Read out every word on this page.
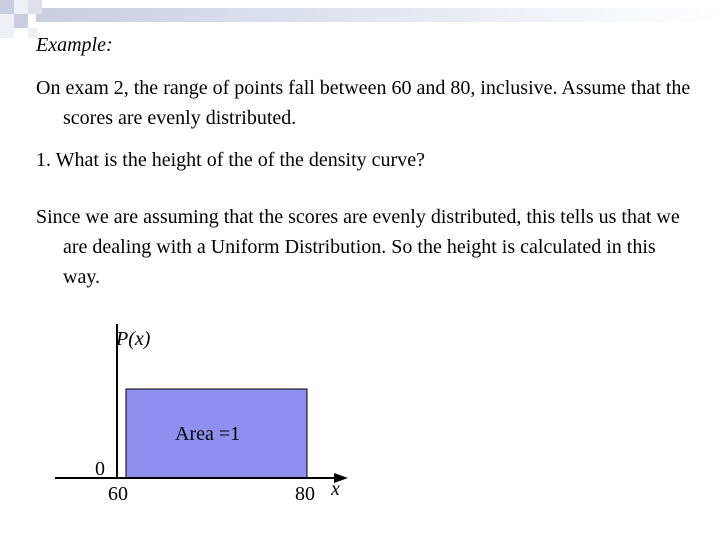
Example:
On exam 2, the range of points fall between 60 and 80, inclusive. Assume that the scores are evenly distributed.
1. What is the height of the of the density curve?
Since we are assuming that the scores are evenly distributed, this tells us that we are dealing with a Uniform Distribution. So the height is calculated in this way.
P(x)
Area =1
0
60	80 x
